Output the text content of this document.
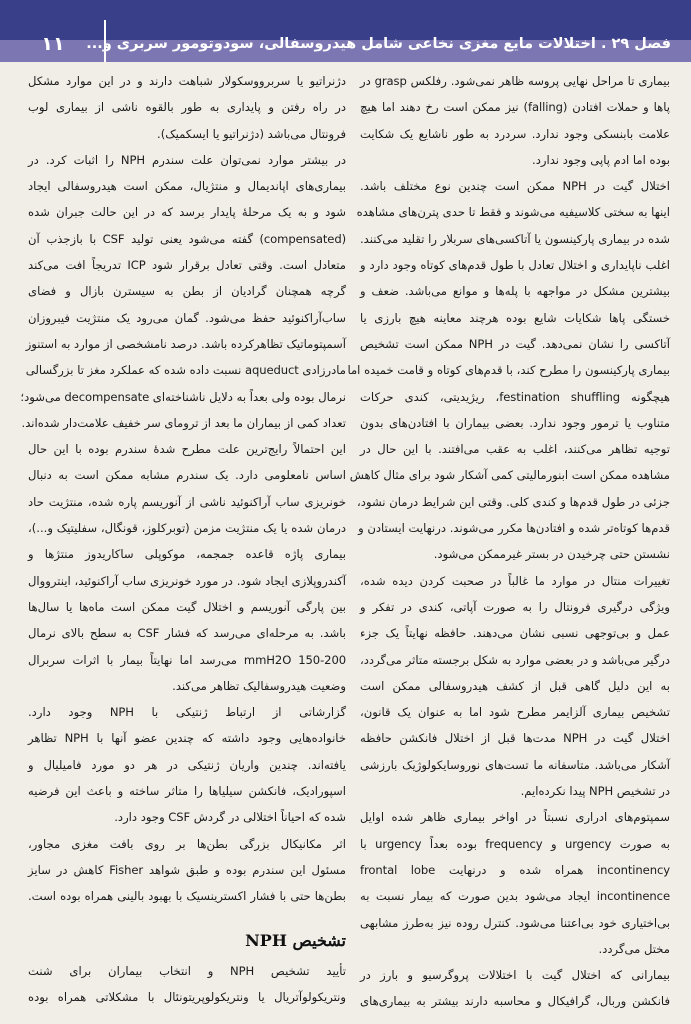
۱۱	فصل ۲۹ . اختلالات مایع مغزی نخاعی شامل هیدروسفالی، سودوتومور سربری و...
بیماری تا مراحل نهایی پروسه ظاهر نمی‌شود. رفلکس grasp در
پاها و حملات افتادن (falling) نیز ممکن است رخ دهند اما هیچ
علامت بابنسکی وجود ندارد. سردرد به طور ناشایع یک شکایت
بوده اما ادم پاپی وجود ندارد.
اختلال گیت در NPH ممکن است چندین نوع مختلف باشد.
اینها به سختی کلاسیفیه می‌شوند و فقط تا حدی پترن‌های مشاهده
شده در بیماری پارکینسون یا آتاکسی‌های سربلار را تقلید می‌کنند.
اغلب ناپایداری و اختلال تعادل با طول قدم‌های کوتاه وجود دارد و
بیشترین مشکل در مواجهه با پله‌ها و موانع می‌باشد. ضعف و
خستگی پاها شکایات شایع بوده هرچند معاینه هیچ بارزی یا
آتاکسی را نشان نمی‌دهد. گیت در NPH ممکن است تشخیص
بیماری پارکینسون را مطرح کند، با قدم‌های کوتاه و قامت خمیده اما
هیچگونه festination shuffling، ریژیدیتی، کندی حرکات
متناوب یا ترمور وجود ندارد. بعضی بیماران با افتادن‌های بدون
توجیه تظاهر می‌کنند، اغلب به عقب می‌افتند. با این حال در
مشاهده ممکن است ابنورمالیتی کمی آشکار شود برای مثال کاهش
جزئی در طول قدم‌ها و کندی کلی. وقتی این شرایط درمان نشود،
قدم‌ها کوتاه‌تر شده و افتادن‌ها مکرر می‌شوند. درنهایت ایستادن و
نشستن حتی چرخیدن در بستر غیرممکن می‌شود.
تغییرات منتال در موارد ما غالباً در صحبت کردن دیده شده،
ویژگی درگیری فرونتال را به صورت آپاتی، کندی در تفکر و
عمل و بی‌توجهی نسبی نشان می‌دهند. حافظه نهایتاً یک جزء
درگیر می‌باشد و در بعضی موارد به شکل برجسته متاثر می‌گردد،
به این دلیل گاهی قبل از کشف هیدروسفالی ممکن است
تشخیص بیماری آلزایمر مطرح شود اما به عنوان یک قانون،
اختلال گیت در NPH مدت‌ها قبل از اختلال فانکشن حافظه
آشکار می‌باشد. متاسفانه ما تست‌های نوروسایکولوژیک بارزشی
در تشخیص NPH پیدا نکرده‌ایم.
سمپتوم‌های ادراری نسبتاً در اواخر بیماری ظاهر شده اوایل
به صورت urgency و frequency بوده بعداً urgency با
incontinency همراه شده و درنهایت frontal lobe
incontinence ایجاد می‌شود بدین صورت که بیمار نسبت به
بی‌اختیاری خود بی‌اعتنا می‌شود. کنترل روده نیز به‌طرز مشابهی
مختل می‌گردد.
بیمارانی که اختلال گیت با اختلالات پروگرسیو و بارز در
فانکشن وربال، گرافیکال و محاسبه دارند بیشتر به بیماری‌های
دژنراتیو یا سربرووسکولار شباهت دارند و در این موارد مشکل
در راه رفتن و پایداری به طور بالقوه ناشی از بیماری لوب
فرونتال می‌باشد (دژنراتیو یا ایسکمیک).
در بیشتر موارد نمی‌توان علت سندرم NPH را اثبات کرد. در
بیماری‌های اپاندیمال و منتژیال، ممکن است هیدروسفالی ایجاد
شود و به یک مرحلهٔ پایدار برسد که در این حالت جبران شده
(compensated) گفته می‌شود یعنی تولید CSF با بازجذب آن
متعادل است. وقتی تعادل برقرار شود ICP تدریجاً افت می‌کند
گرچه همچنان گرادیان از بطن به سیسترن بازال و فضای
ساب‌آراکنوئید حفظ می‌شود. گمان می‌رود یک منتژیت فیبروزان
آسمپتوماتیک تظاهرکرده باشد. درصد نامشخصی از موارد به استنوز
مادرزادی aqueduct نسبت داده شده که عملکرد مغز تا بزرگسالی
نرمال بوده ولی بعداً به دلایل ناشناخته‌ای decompensate می‌شود؛
تعداد کمی از بیماران ما بعد از ترومای سر خفیف علامت‌دار شده‌اند.
این احتمالاً رایج‌ترین علت مطرح شدهٔ سندرم بوده با این حال
اساس نامعلومی دارد. یک سندرم مشابه ممکن است به دنبال
خونریزی ساب آراکنوئید ناشی از آنوریسم پاره شده، منتژیت حاد
درمان شده یا یک منتژیت مزمن (توبرکلوز، قونگال، سفلیتیک و...)،
بیماری پاژه قاعده جمجمه، موکوپلی ساکاریدوز منتژها و
آکندروپلازی ایجاد شود. در مورد خونریزی ساب آراکنوئید، اینترووال
بین پارگی آنوریسم و اختلال گیت ممکن است ماه‌ها یا سال‌ها
باشد. به مرحله‌ای می‌رسد که فشار CSF به سطح بالای نرمال
150-200 mmH2O می‌رسد اما نهایتاً بیمار با اثرات سربرال
وضعیت هیدروسفالیک تظاهر می‌کند.
گزارشاتی از ارتباط ژنتیکی با NPH وجود دارد.
خانواده‌هایی وجود داشته که چندین عضو آنها با NPH تظاهر
یافته‌اند. چندین واریان ژنتیکی در هر دو مورد فامیلیال و
اسپورادیک، فانکشن سیلیاها را متاثر ساخته و باعث این فرضیه
شده که احیاناً اختلالی در گردش CSF وجود دارد.
اثر مکانیکال بزرگی بطن‌ها بر روی بافت مغزی مجاور،
مسئول این سندرم بوده و طبق شواهد Fisher کاهش در سایز
بطن‌ها حتی با فشار اکسترینسیک با بهبود بالینی همراه بوده است.
تشخیص NPH
تأیید تشخیص NPH و انتخاب بیماران برای شنت
ونتریکولوآتریال یا ونتریکولوپریتونئال با مشکلاتی همراه بوده
